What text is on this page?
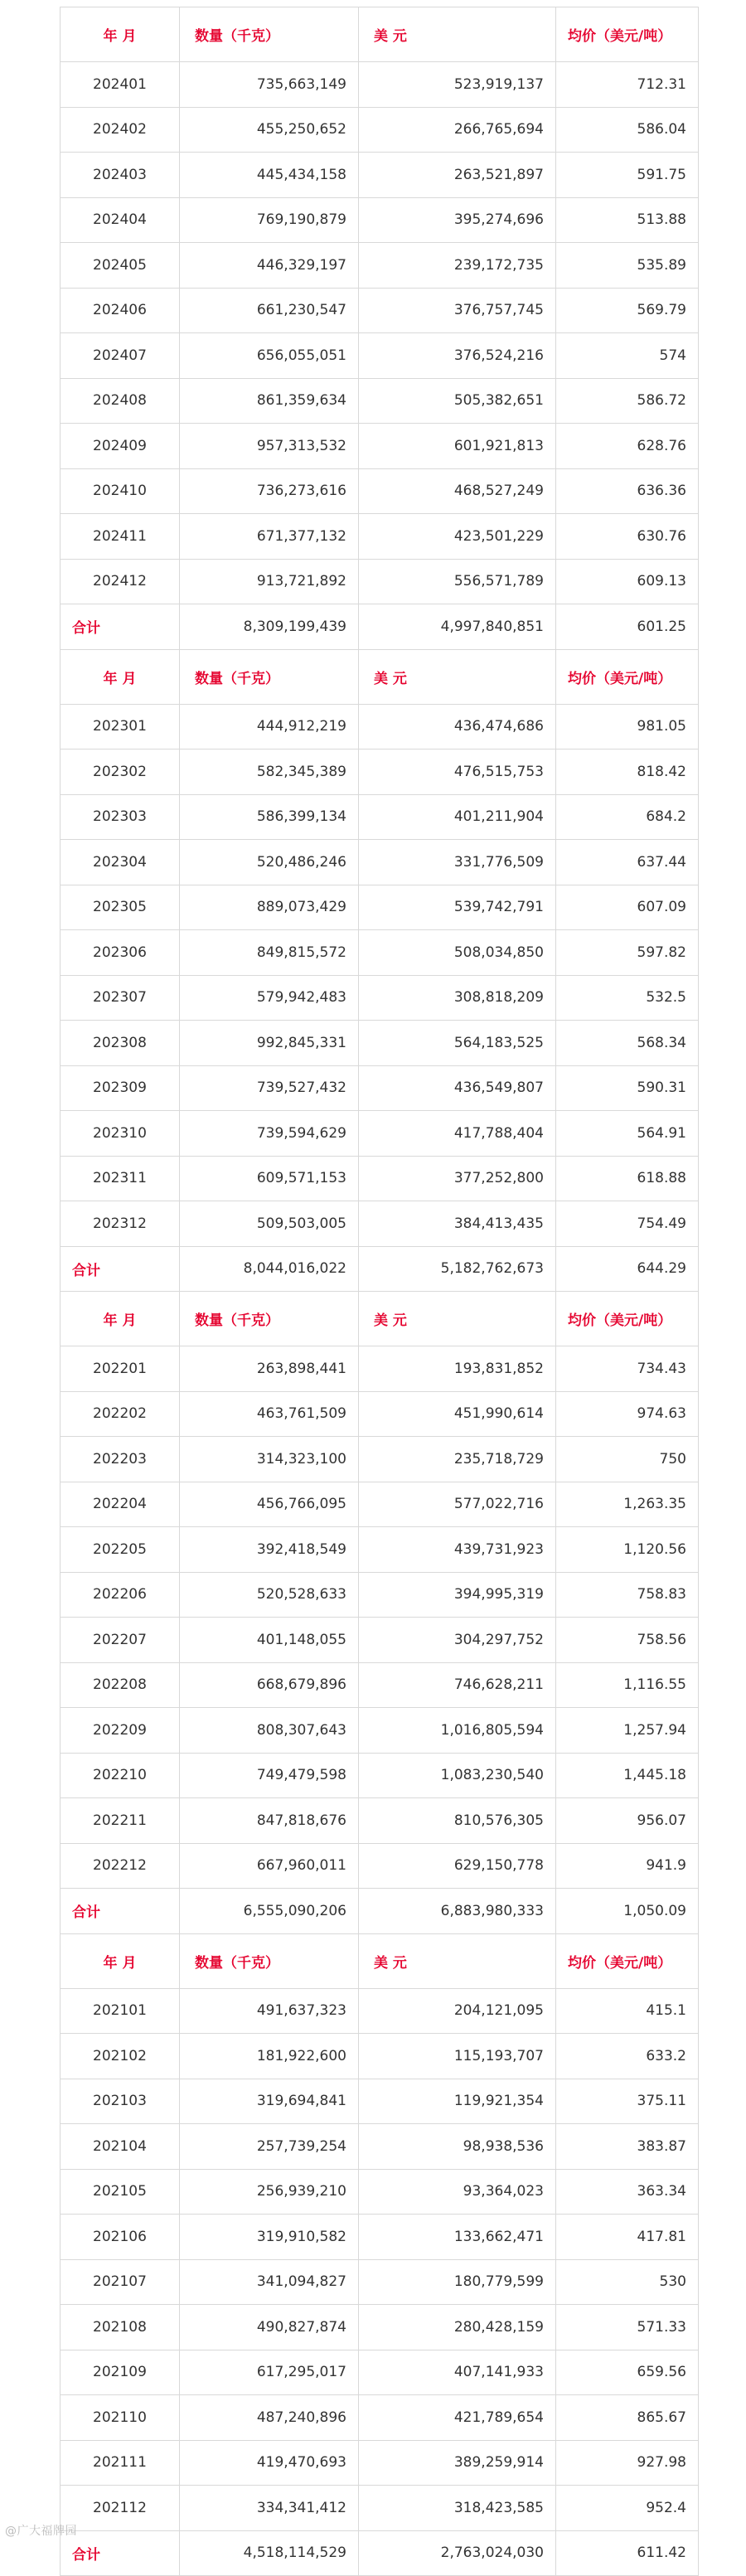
年 月	数量（千克）	美 元	均价（美元/吨）
202401	735,663,149	523,919,137	712.31
202402	455,250,652	266,765,694	586.04
202403	445,434,158	263,521,897	591.75
202404	769,190,879	395,274,696	513.88
202405	446,329,197	239,172,735	535.89
202406	661,230,547	376,757,745	569.79
202407	656,055,051	376,524,216	574
202408	861,359,634	505,382,651	586.72
202409	957,313,532	601,921,813	628.76
202410	736,273,616	468,527,249	636.36
202411	671,377,132	423,501,229	630.76
202412	913,721,892	556,571,789	609.13
合计	8,309,199,439	4,997,840,851	601.25
年 月	数量（千克）	美 元	均价（美元/吨）
202301	444,912,219	436,474,686	981.05
202302	582,345,389	476,515,753	818.42
202303	586,399,134	401,211,904	684.2
202304	520,486,246	331,776,509	637.44
202305	889,073,429	539,742,791	607.09
202306	849,815,572	508,034,850	597.82
202307	579,942,483	308,818,209	532.5
202308	992,845,331	564,183,525	568.34
202309	739,527,432	436,549,807	590.31
202310	739,594,629	417,788,404	564.91
202311	609,571,153	377,252,800	618.88
202312	509,503,005	384,413,435	754.49
合计	8,044,016,022	5,182,762,673	644.29
年 月	数量（千克）	美 元	均价（美元/吨）
202201	263,898,441	193,831,852	734.43
202202	463,761,509	451,990,614	974.63
202203	314,323,100	235,718,729	750
202204	456,766,095	577,022,716	1,263.35
202205	392,418,549	439,731,923	1,120.56
202206	520,528,633	394,995,319	758.83
202207	401,148,055	304,297,752	758.56
202208	668,679,896	746,628,211	1,116.55
202209	808,307,643	1,016,805,594	1,257.94
202210	749,479,598	1,083,230,540	1,445.18
202211	847,818,676	810,576,305	956.07
202212	667,960,011	629,150,778	941.9
合计	6,555,090,206	6,883,980,333	1,050.09
年 月	数量（千克）	美 元	均价（美元/吨）
202101	491,637,323	204,121,095	415.1
202102	181,922,600	115,193,707	633.2
202103	319,694,841	119,921,354	375.11
202104	257,739,254	98,938,536	383.87
202105	256,939,210	93,364,023	363.34
202106	319,910,582	133,662,471	417.81
202107	341,094,827	180,779,599	530
202108	490,827,874	280,428,159	571.33
202109	617,295,017	407,141,933	659.56
202110	487,240,896	421,789,654	865.67
202111	419,470,693	389,259,914	927.98
202112	334,341,412	318,423,585	952.4
合计	4,518,114,529	2,763,024,030	611.42
@广大福牌园
